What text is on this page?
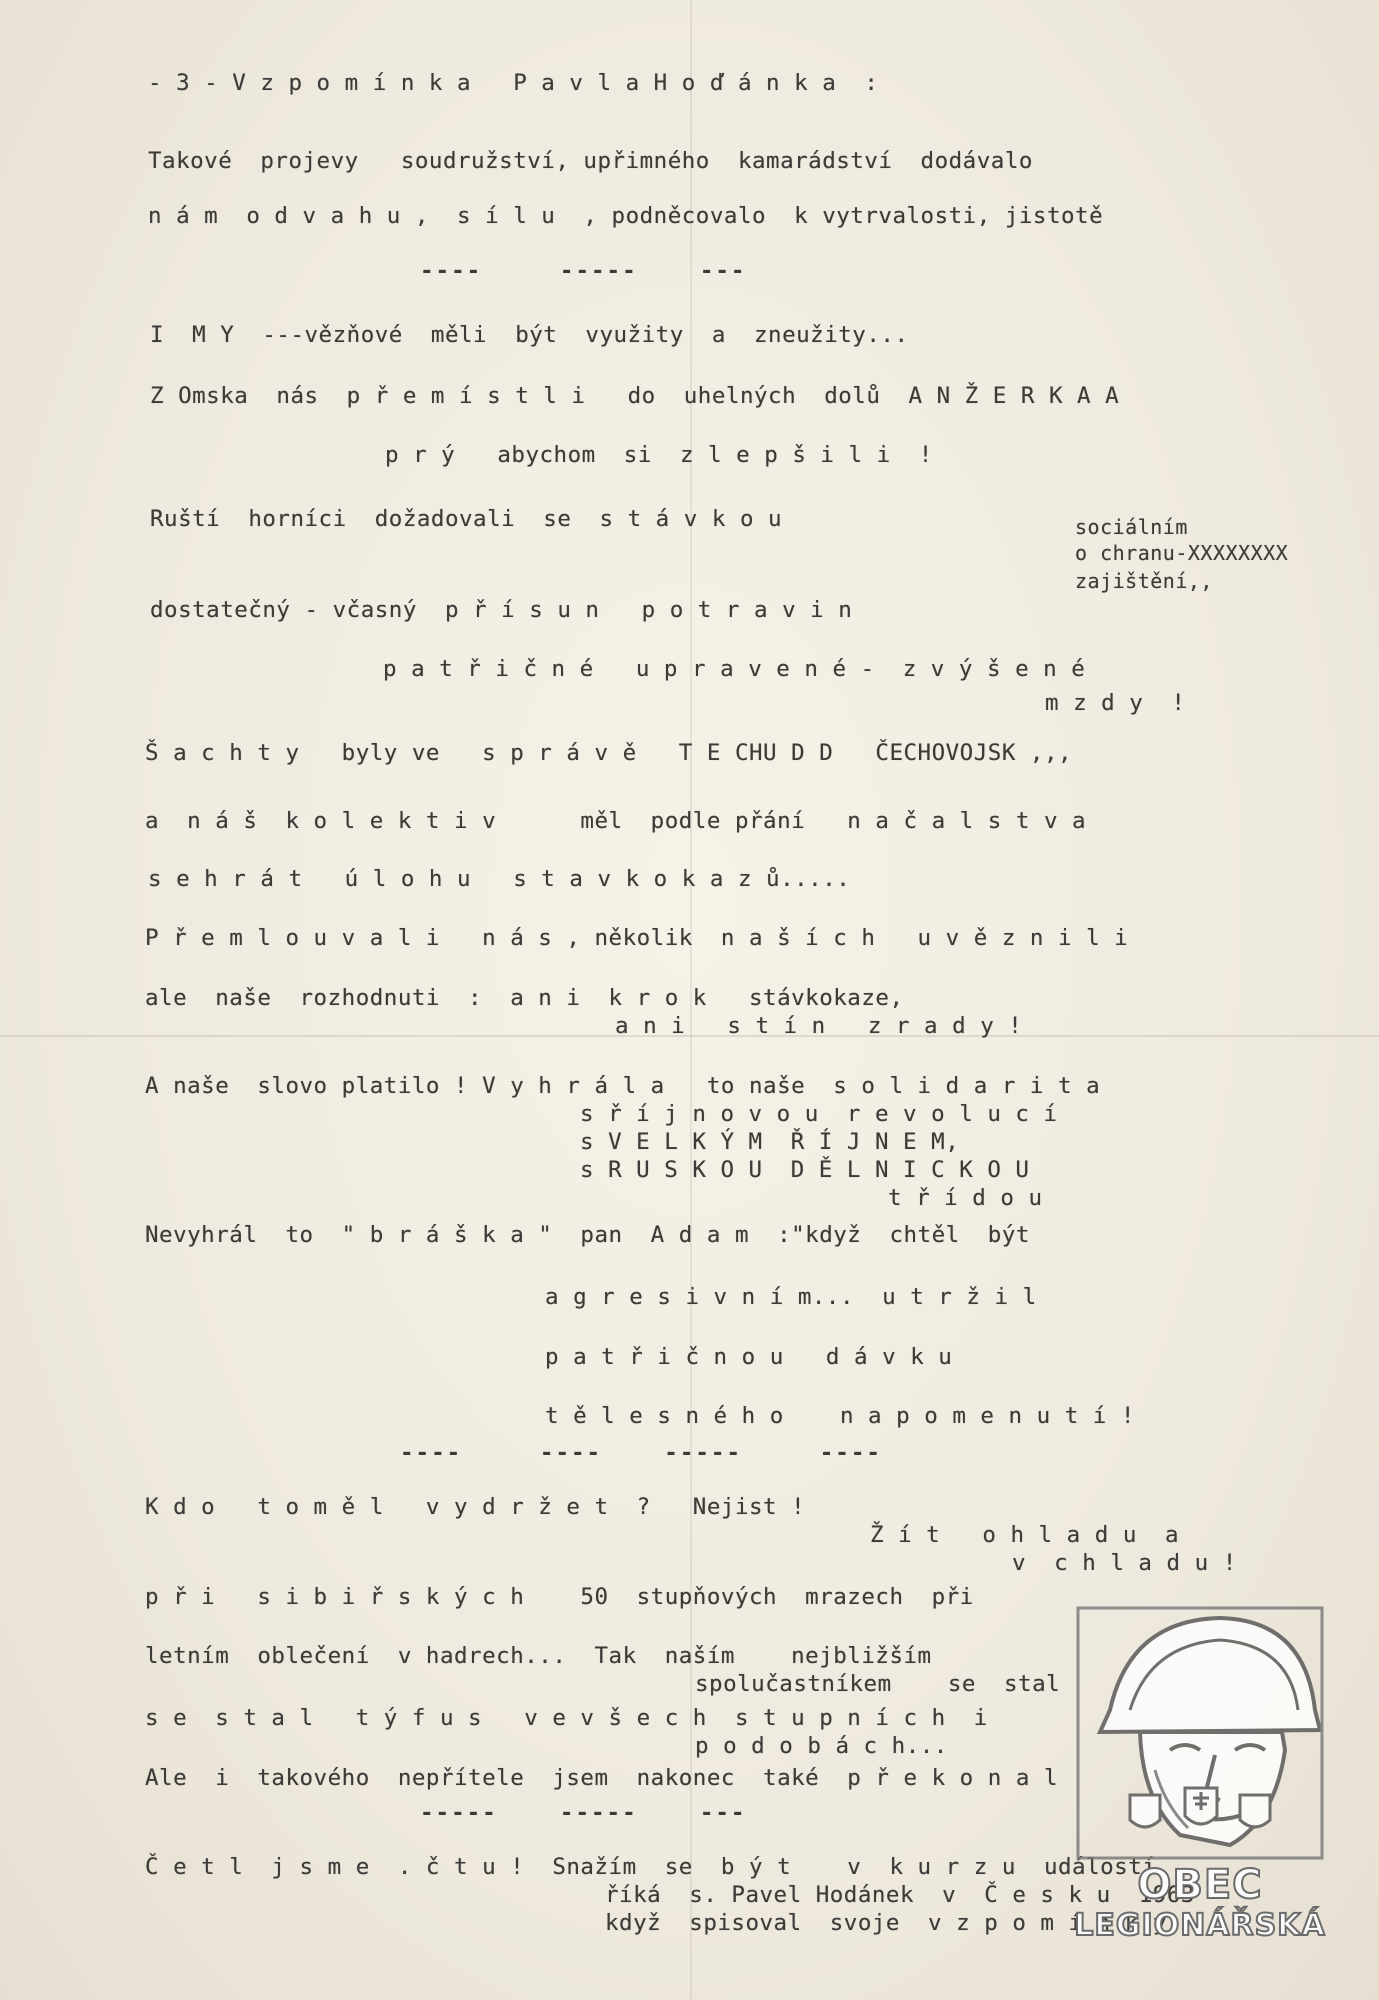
- 3 - V z p o m í n k a   P a v l a H o ď á n k a  :
Takové  projevy   soudružství, upřimného  kamarádství  dodávalo
n á m  o d v a h u ,  s í l u  , podněcovalo  k vytrvalosti, jistotě
----     -----    ---
I  M Y  ---vězňové  měli  být  využity  a  zneužity...
Z Omska  nás  p ř e m í s t l i   do  uhelných  dolů  A N Ž E R K A A
p r ý   abychom  si  z l e p š i l i  !
Ruští  horníci  dožadovali  se  s t á v k o u	sociálním
o chranu-XXXXXXXX
zajištění,,
dostatečný - včasný  p ř í s u n   p o t r a v i n
p a t ř i č n é   u p r a v e n é -  z v ý š e n é
m z d y  !
Š a c h t y   byly ve   s p r á v ě   T E CHU D D   ČECHOVOJSK ,,,
a  n á š  k o l e k t i v      měl  podle přání   n a č a l s t v a
s e h r á t   ú l o h u   s t a v k o k a z ů.....
P ř e m l o u v a l i   n á s , několik  n a š í c h   u v ě z n i l i
ale  naše  rozhodnuti  :  a n i  k r o k   stávkokaze,
a n i   s t í n   z r a d y !
A naše  slovo platilo ! V y h r á l a   to naše  s o l i d a r i t a
s ř í j n o v o u  r e v o l u c í
s V E L K Ý M  Ř Í J N E M,
s R U S K O U  D Ě L N I C K O U
t ř í d o u
Nevyhrál  to  " b r á š k a "  pan  A d a m  :"když  chtěl  být
a g r e s i v n í m...  u t r ž i l
p a t ř i č n o u   d á v k u
t ě l e s n é h o    n a p o m e n u t í !
----     ----    -----     ----
K d o   t o m ě l   v y d r ž e t  ?   Nejist !
Ž í t   o h l a d u  a
v  c h l a d u !
p ř i   s i b i ř s k ý c h    50  stupňových  mrazech  při
letním  oblečení  v hadrech...  Tak  naším    nejbližším
spolučastníkem    se  stal
s e  s t a l   t ý f u s   v e v š e c h  s t u p n í c h  i
p o d o b á c h...
Ale  i  takového  nepřítele  jsem  nakonec  také  p ř e k o n a l
-----    -----    ---
Č e t l  j s m e  . č t u !  Snažím  se  b ý t    v  k u r z u  událostí..
říká  s. Pavel Hodánek  v  Č e s k u  1963
když  spisoval  svoje  v z p o m í n k y
OBEC
LEGIONÁŘSKÁ
